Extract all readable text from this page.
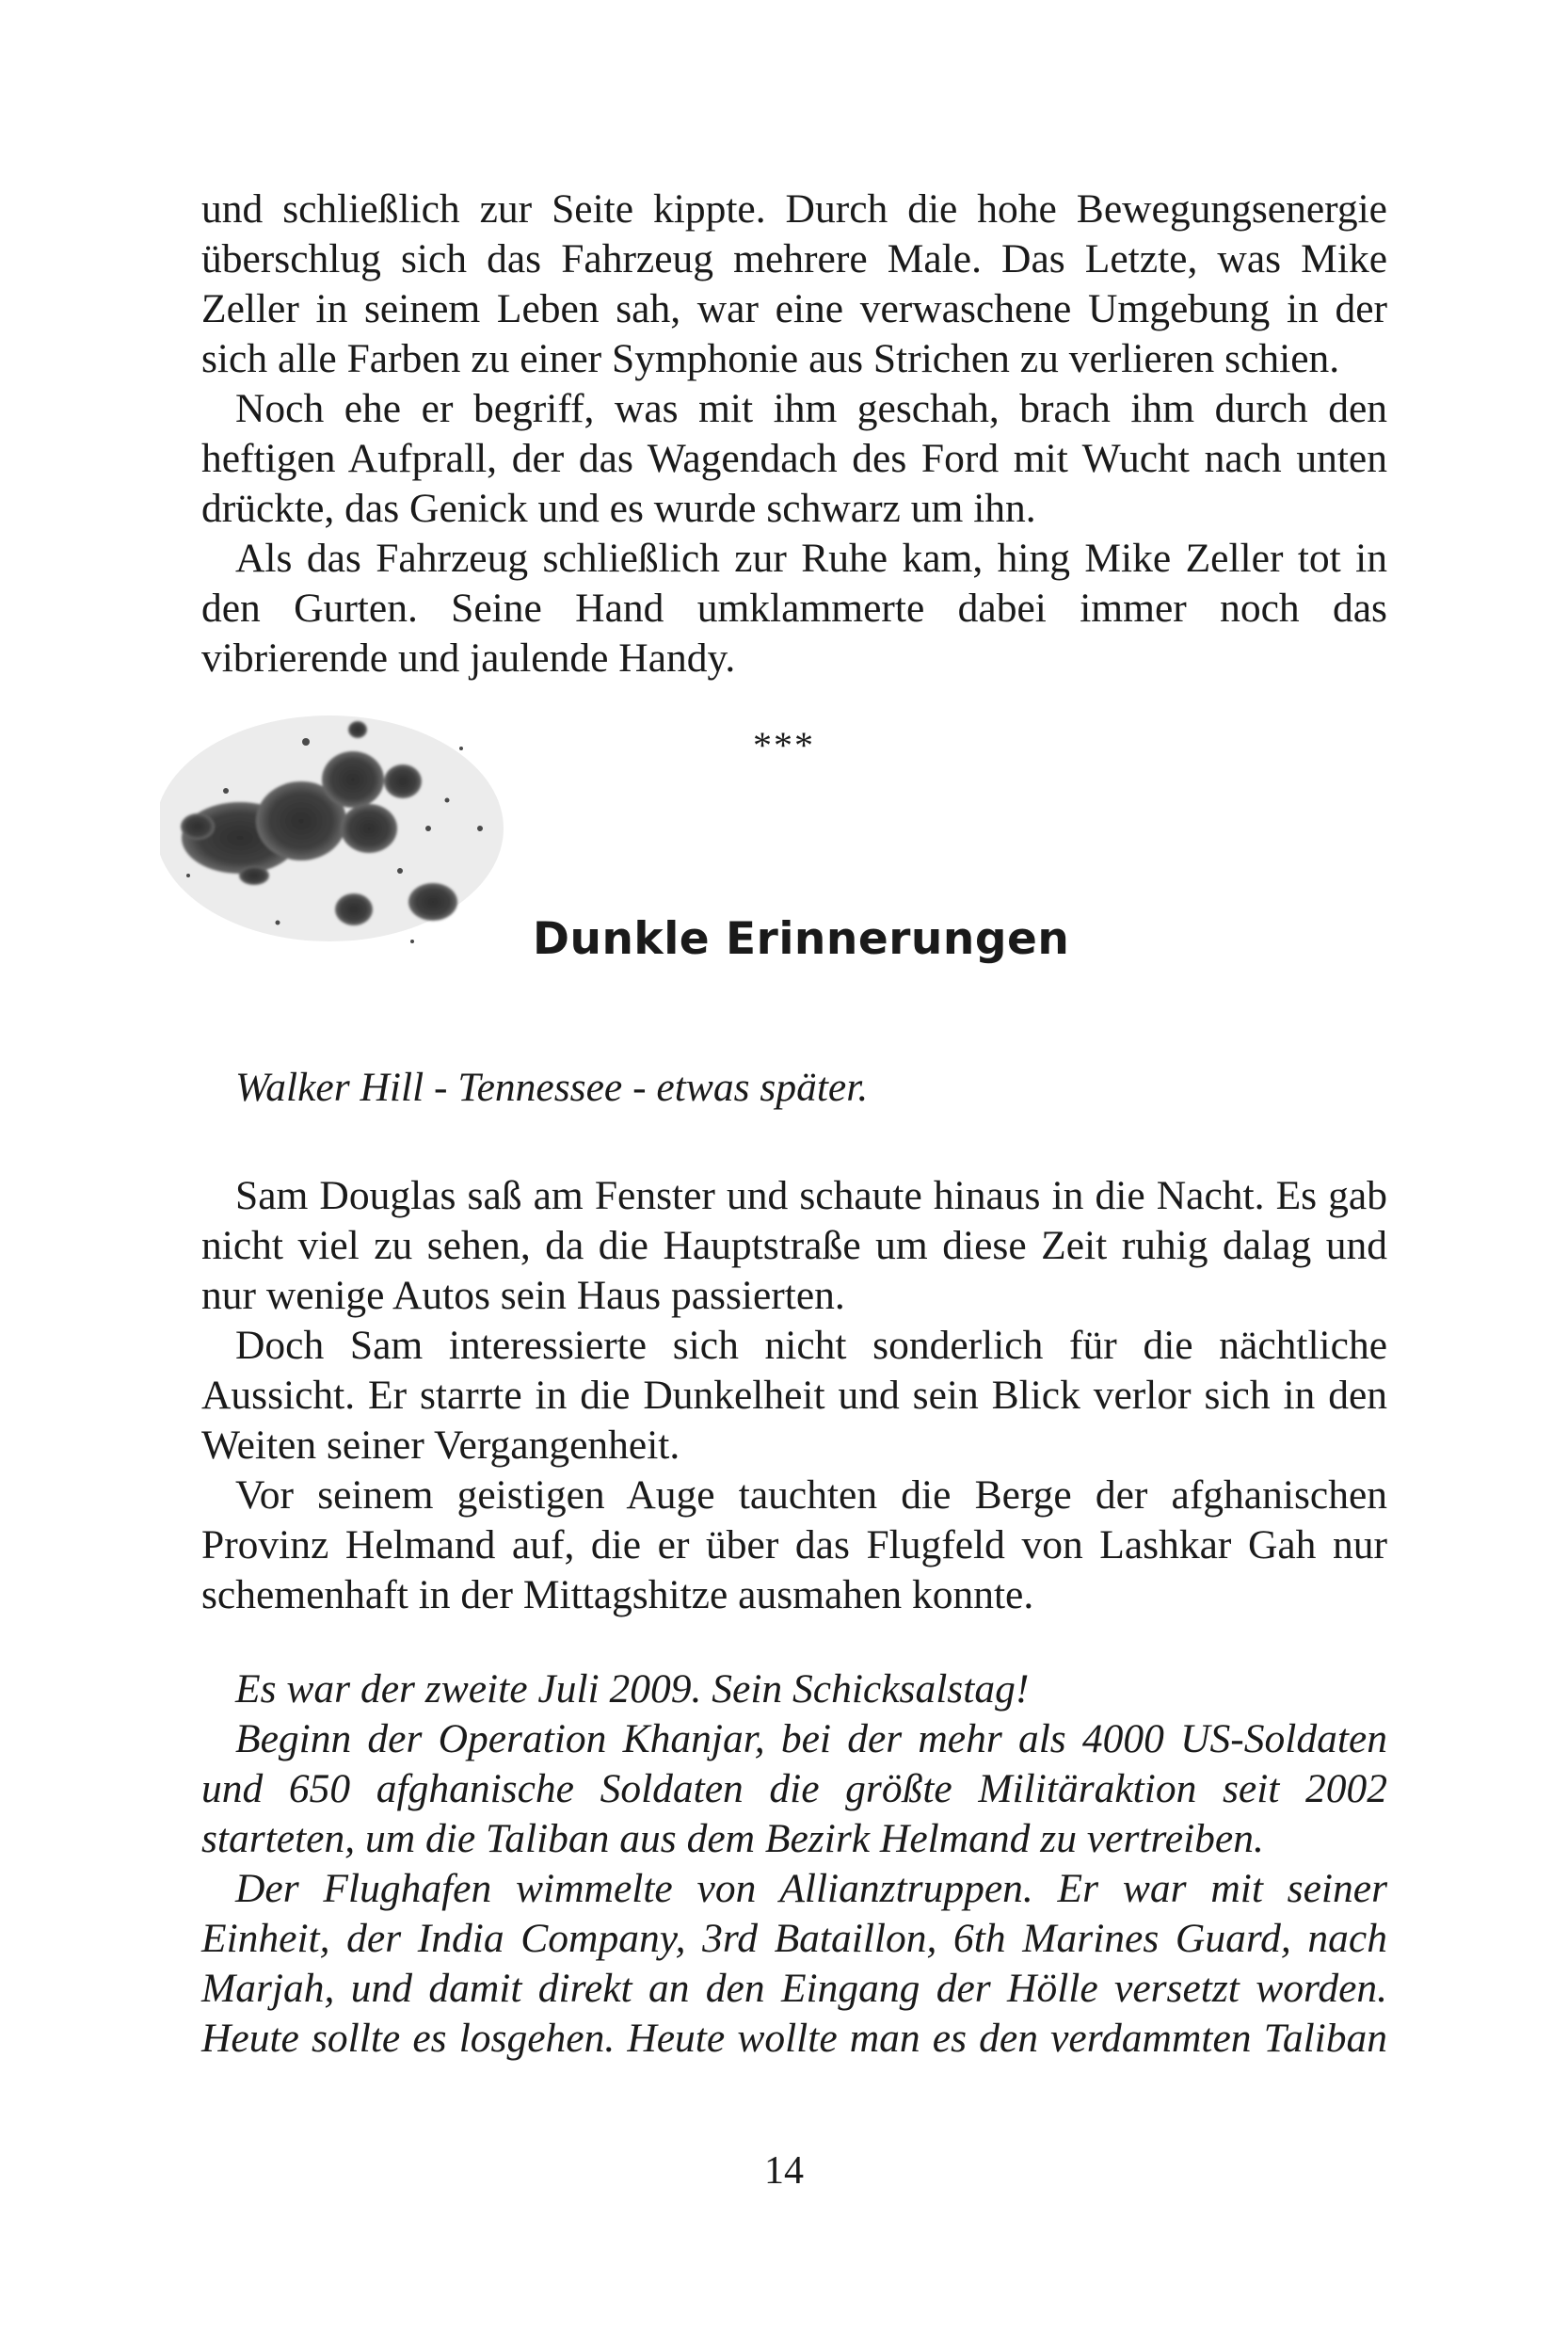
und schließlich zur Seite kippte. Durch die hohe Bewegungsenergie überschlug sich das Fahrzeug mehrere Male. Das Letzte, was Mike Zeller in seinem Leben sah, war eine verwaschene Umgebung in der sich alle Farben zu einer Symphonie aus Strichen zu verlieren schien.

Noch ehe er begriff, was mit ihm geschah, brach ihm durch den heftigen Aufprall, der das Wagendach des Ford mit Wucht nach unten drückte, das Genick und es wurde schwarz um ihn.

Als das Fahrzeug schließlich zur Ruhe kam, hing Mike Zeller tot in den Gurten. Seine Hand umklammerte dabei immer noch das vibrierende und jaulende Handy.

***
Dunkle Erinnerungen
Walker Hill - Tennessee - etwas später.

Sam Douglas saß am Fenster und schaute hinaus in die Nacht. Es gab nicht viel zu sehen, da die Hauptstraße um diese Zeit ruhig dalag und nur wenige Autos sein Haus passierten.

Doch Sam interessierte sich nicht sonderlich für die nächtliche Aussicht. Er starrte in die Dunkelheit und sein Blick verlor sich in den Weiten seiner Vergangenheit.

Vor seinem geistigen Auge tauchten die Berge der afghanischen Provinz Helmand auf, die er über das Flugfeld von Lashkar Gah nur schemenhaft in der Mittagshitze ausmahen konnte.

Es war der zweite Juli 2009. Sein Schicksalstag!

Beginn der Operation Khanjar, bei der mehr als 4000 US-Soldaten und 650 afghanische Soldaten die größte Militäraktion seit 2002 starteten, um die Taliban aus dem Bezirk Helmand zu vertreiben.

Der Flughafen wimmelte von Allianztruppen. Er war mit seiner Einheit, der India Company, 3rd Bataillon, 6th Marines Guard, nach Marjah, und damit direkt an den Eingang der Hölle versetzt worden. Heute sollte es losgehen. Heute wollte man es den verdammten Taliban

14
